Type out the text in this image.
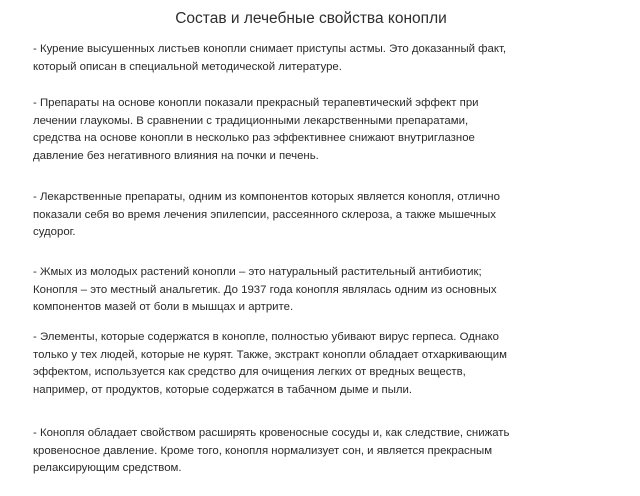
Состав и лечебные свойства конопли
- Курение высушенных листьев конопли снимает приступы астмы. Это доказанный факт,
который описан в специальной методической литературе.
- Препараты на основе конопли показали прекрасный терапевтический эффект при
лечении глаукомы. В сравнении с традиционными лекарственными препаратами,
средства на основе конопли в несколько раз эффективнее снижают внутриглазное
давление без негативного влияния на почки и печень.
- Лекарственные препараты, одним из компонентов которых является конопля, отлично
показали себя во время лечения эпилепсии, рассеянного склероза, а также мышечных
судорог.
- Жмых из молодых растений конопли – это натуральный растительный антибиотик;
Конопля – это местный анальгетик. До 1937 года конопля являлась одним из основных
компонентов мазей от боли в мышцах и артрите.
- Элементы, которые содержатся в конопле, полностью убивают вирус герпеса. Однако
только у тех людей, которые не курят. Также, экстракт конопли обладает отхаркивающим
эффектом, используется как средство для очищения легких от вредных веществ,
например, от продуктов, которые содержатся в табачном дыме и пыли.
- Конопля обладает свойством расширять кровеносные сосуды и, как следствие, снижать
кровеносное давление. Кроме того, конопля нормализует сон, и является прекрасным
релаксирующим средством.
